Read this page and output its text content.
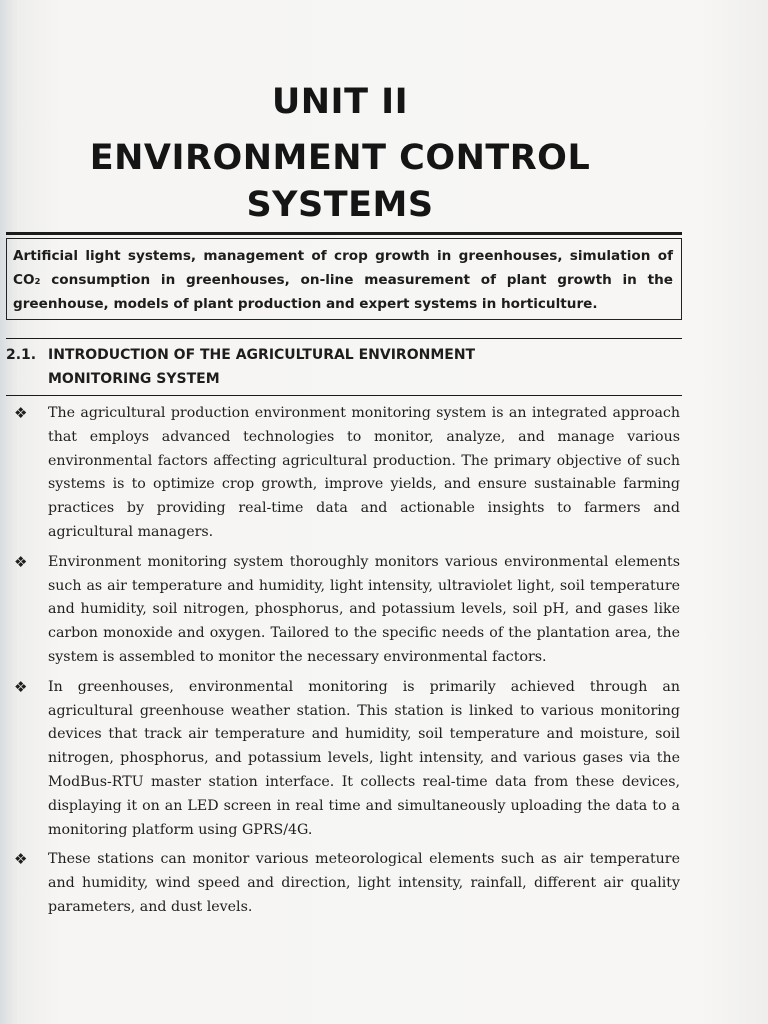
UNIT II
ENVIRONMENT CONTROL
SYSTEMS
Artificial light systems, management of crop growth in greenhouses, simulation of CO₂ consumption in greenhouses, on-line measurement of plant growth in the greenhouse, models of plant production and expert systems in horticulture.
2.1. INTRODUCTION OF THE AGRICULTURAL ENVIRONMENT
MONITORING SYSTEM
❖ The agricultural production environment monitoring system is an integrated approach that employs advanced technologies to monitor, analyze, and manage various environmental factors affecting agricultural production. The primary objective of such systems is to optimize crop growth, improve yields, and ensure sustainable farming practices by providing real-time data and actionable insights to farmers and agricultural managers.
❖ Environment monitoring system thoroughly monitors various environmental elements such as air temperature and humidity, light intensity, ultraviolet light, soil temperature and humidity, soil nitrogen, phosphorus, and potassium levels, soil pH, and gases like carbon monoxide and oxygen. Tailored to the specific needs of the plantation area, the system is assembled to monitor the necessary environmental factors.
❖ In greenhouses, environmental monitoring is primarily achieved through an agricultural greenhouse weather station. This station is linked to various monitoring devices that track air temperature and humidity, soil temperature and moisture, soil nitrogen, phosphorus, and potassium levels, light intensity, and various gases via the ModBus-RTU master station interface. It collects real-time data from these devices, displaying it on an LED screen in real time and simultaneously uploading the data to a monitoring platform using GPRS/4G.
❖ These stations can monitor various meteorological elements such as air temperature and humidity, wind speed and direction, light intensity, rainfall, different air quality parameters, and dust levels.
